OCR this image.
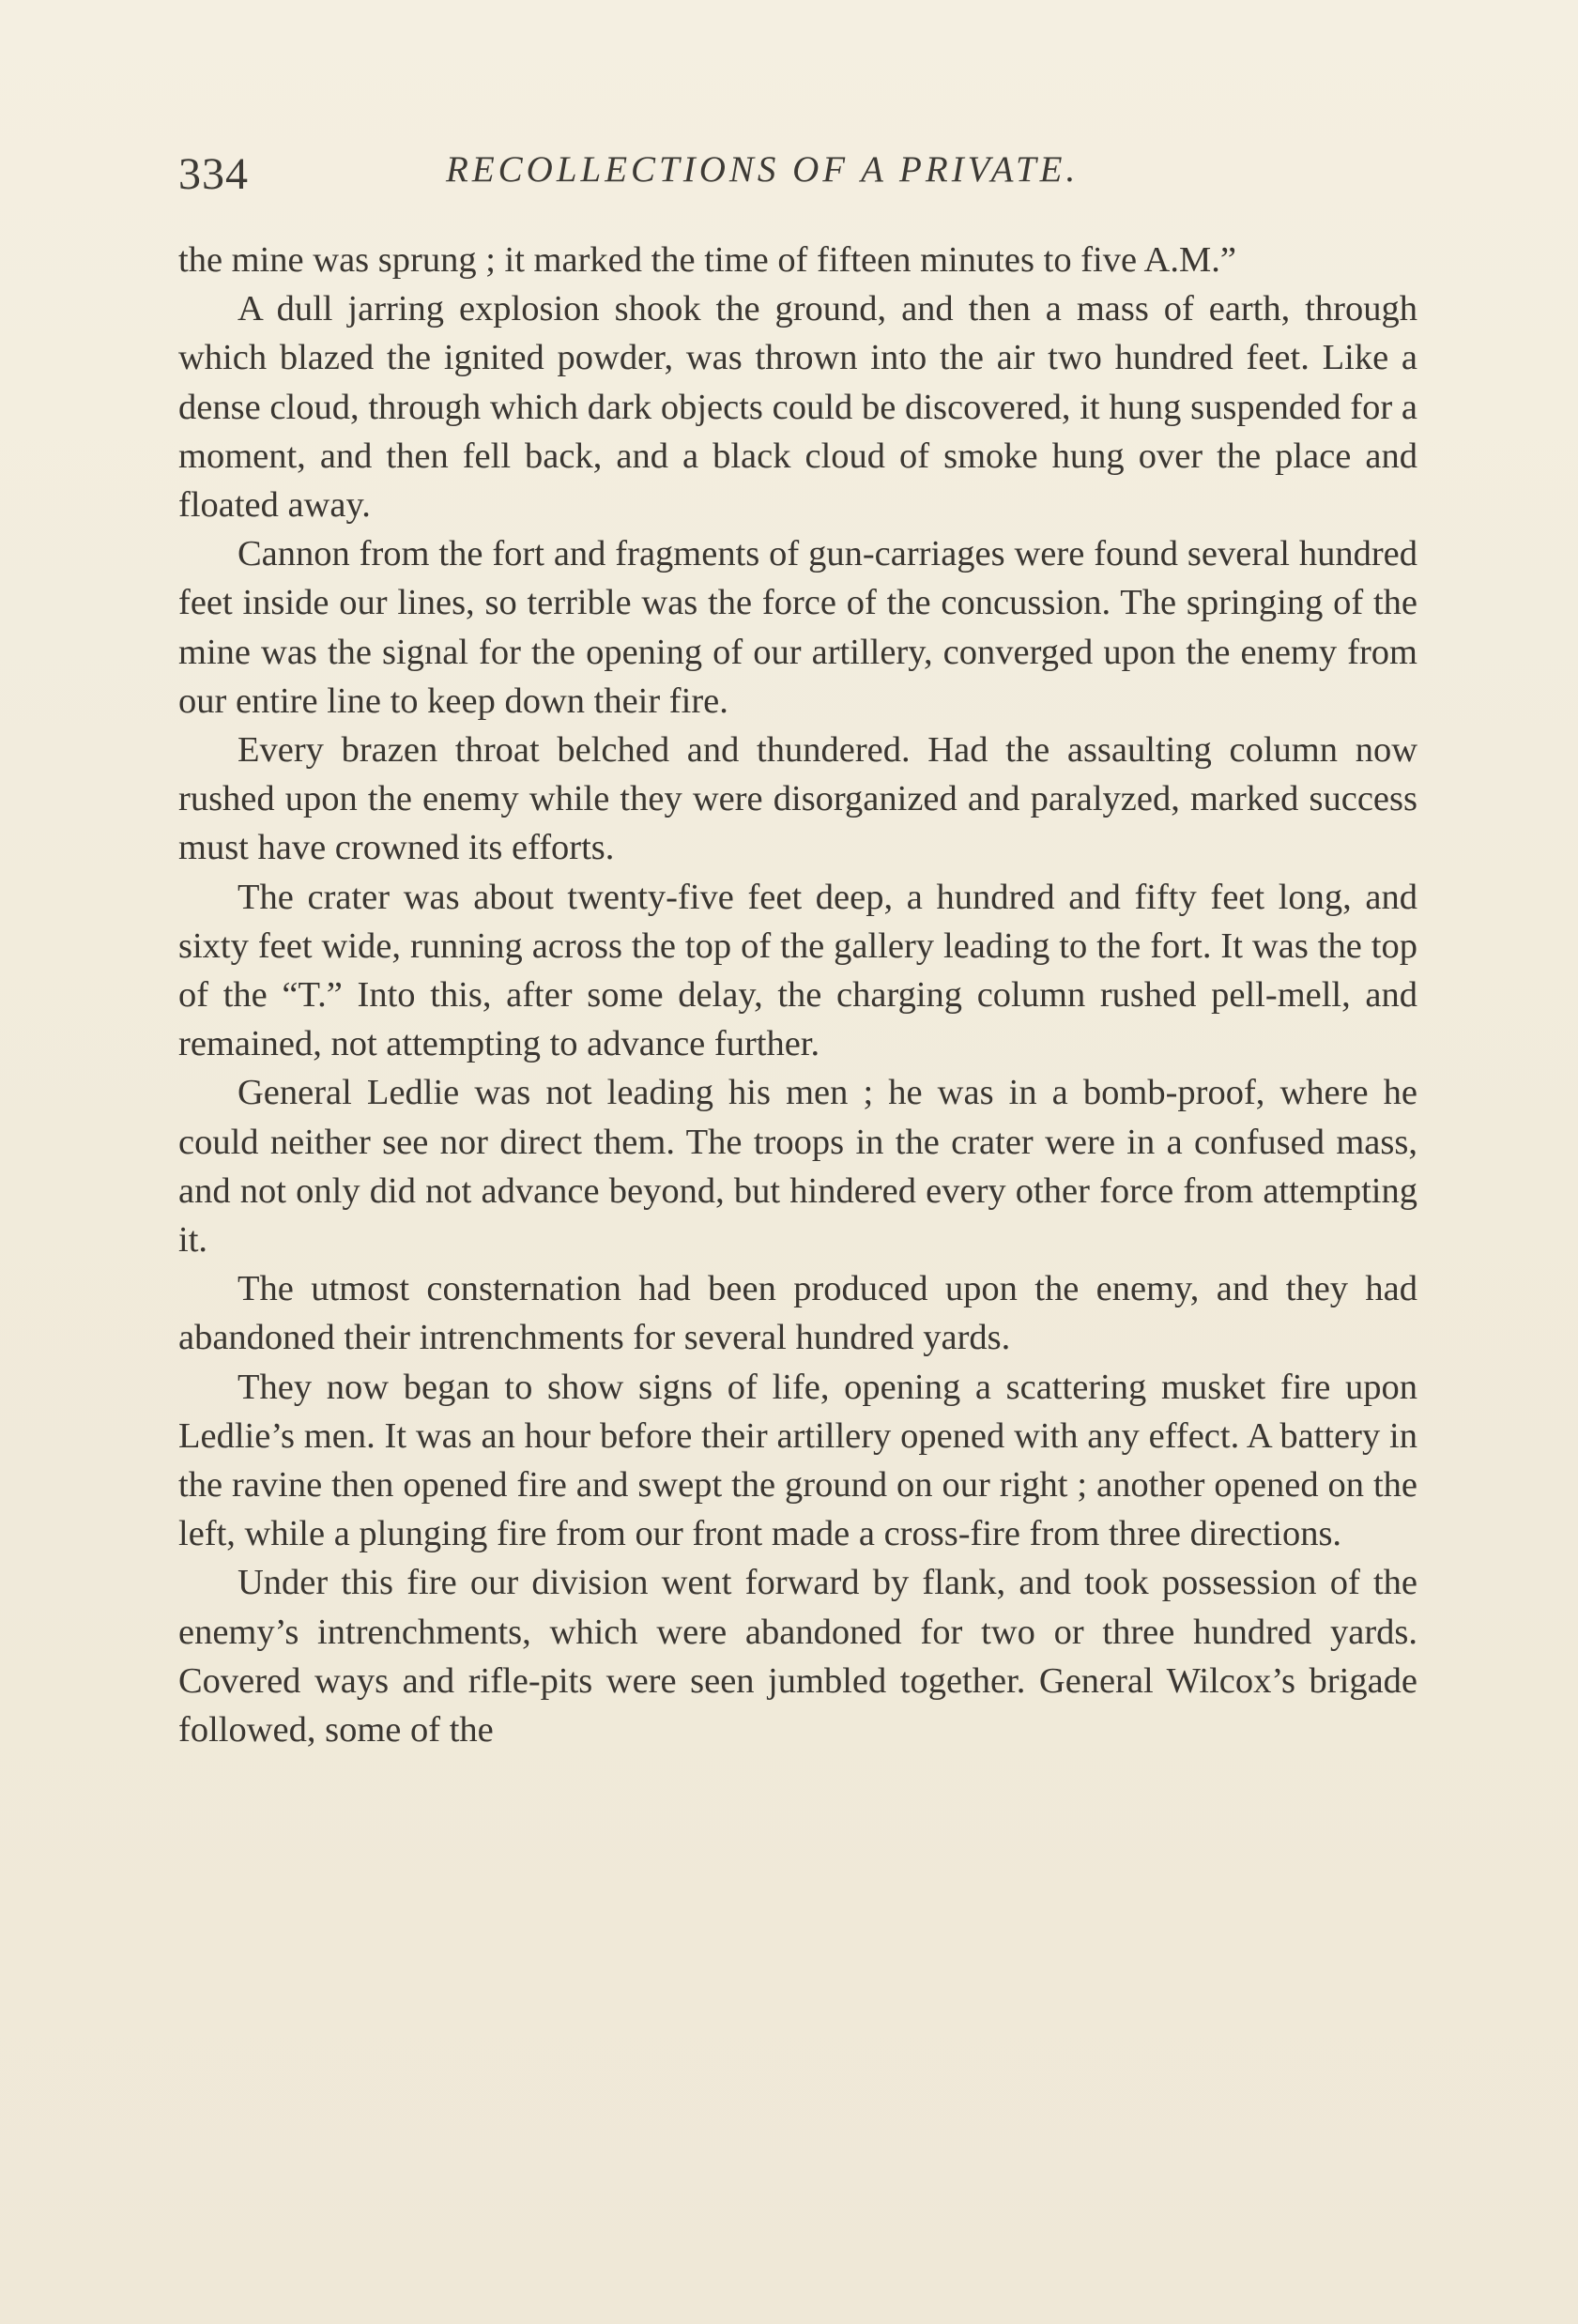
334	RECOLLECTIONS OF A PRIVATE.

the mine was sprung ; it marked the time of fifteen minutes to five A.M.”

A dull jarring explosion shook the ground, and then a mass of earth, through which blazed the ignited powder, was thrown into the air two hundred feet. Like a dense cloud, through which dark objects could be discovered, it hung suspended for a moment, and then fell back, and a black cloud of smoke hung over the place and floated away.

Cannon from the fort and fragments of gun-carriages were found several hundred feet inside our lines, so terrible was the force of the concussion. The springing of the mine was the signal for the opening of our artillery, converged upon the enemy from our entire line to keep down their fire.

Every brazen throat belched and thundered. Had the assaulting column now rushed upon the enemy while they were disorganized and paralyzed, marked success must have crowned its efforts.

The crater was about twenty-five feet deep, a hundred and fifty feet long, and sixty feet wide, running across the top of the gallery leading to the fort. It was the top of the “T.” Into this, after some delay, the charging column rushed pell-mell, and remained, not attempting to advance further.

General Ledlie was not leading his men ; he was in a bomb-proof, where he could neither see nor direct them. The troops in the crater were in a confused mass, and not only did not advance beyond, but hindered every other force from attempting it.

The utmost consternation had been produced upon the enemy, and they had abandoned their intrenchments for several hundred yards.

They now began to show signs of life, opening a scattering musket fire upon Ledlie’s men. It was an hour before their artillery opened with any effect. A battery in the ravine then opened fire and swept the ground on our right ; another opened on the left, while a plunging fire from our front made a cross-fire from three directions.

Under this fire our division went forward by flank, and took possession of the enemy’s intrenchments, which were abandoned for two or three hundred yards. Covered ways and rifle-pits were seen jumbled together. General Wilcox’s brigade followed, some of the
